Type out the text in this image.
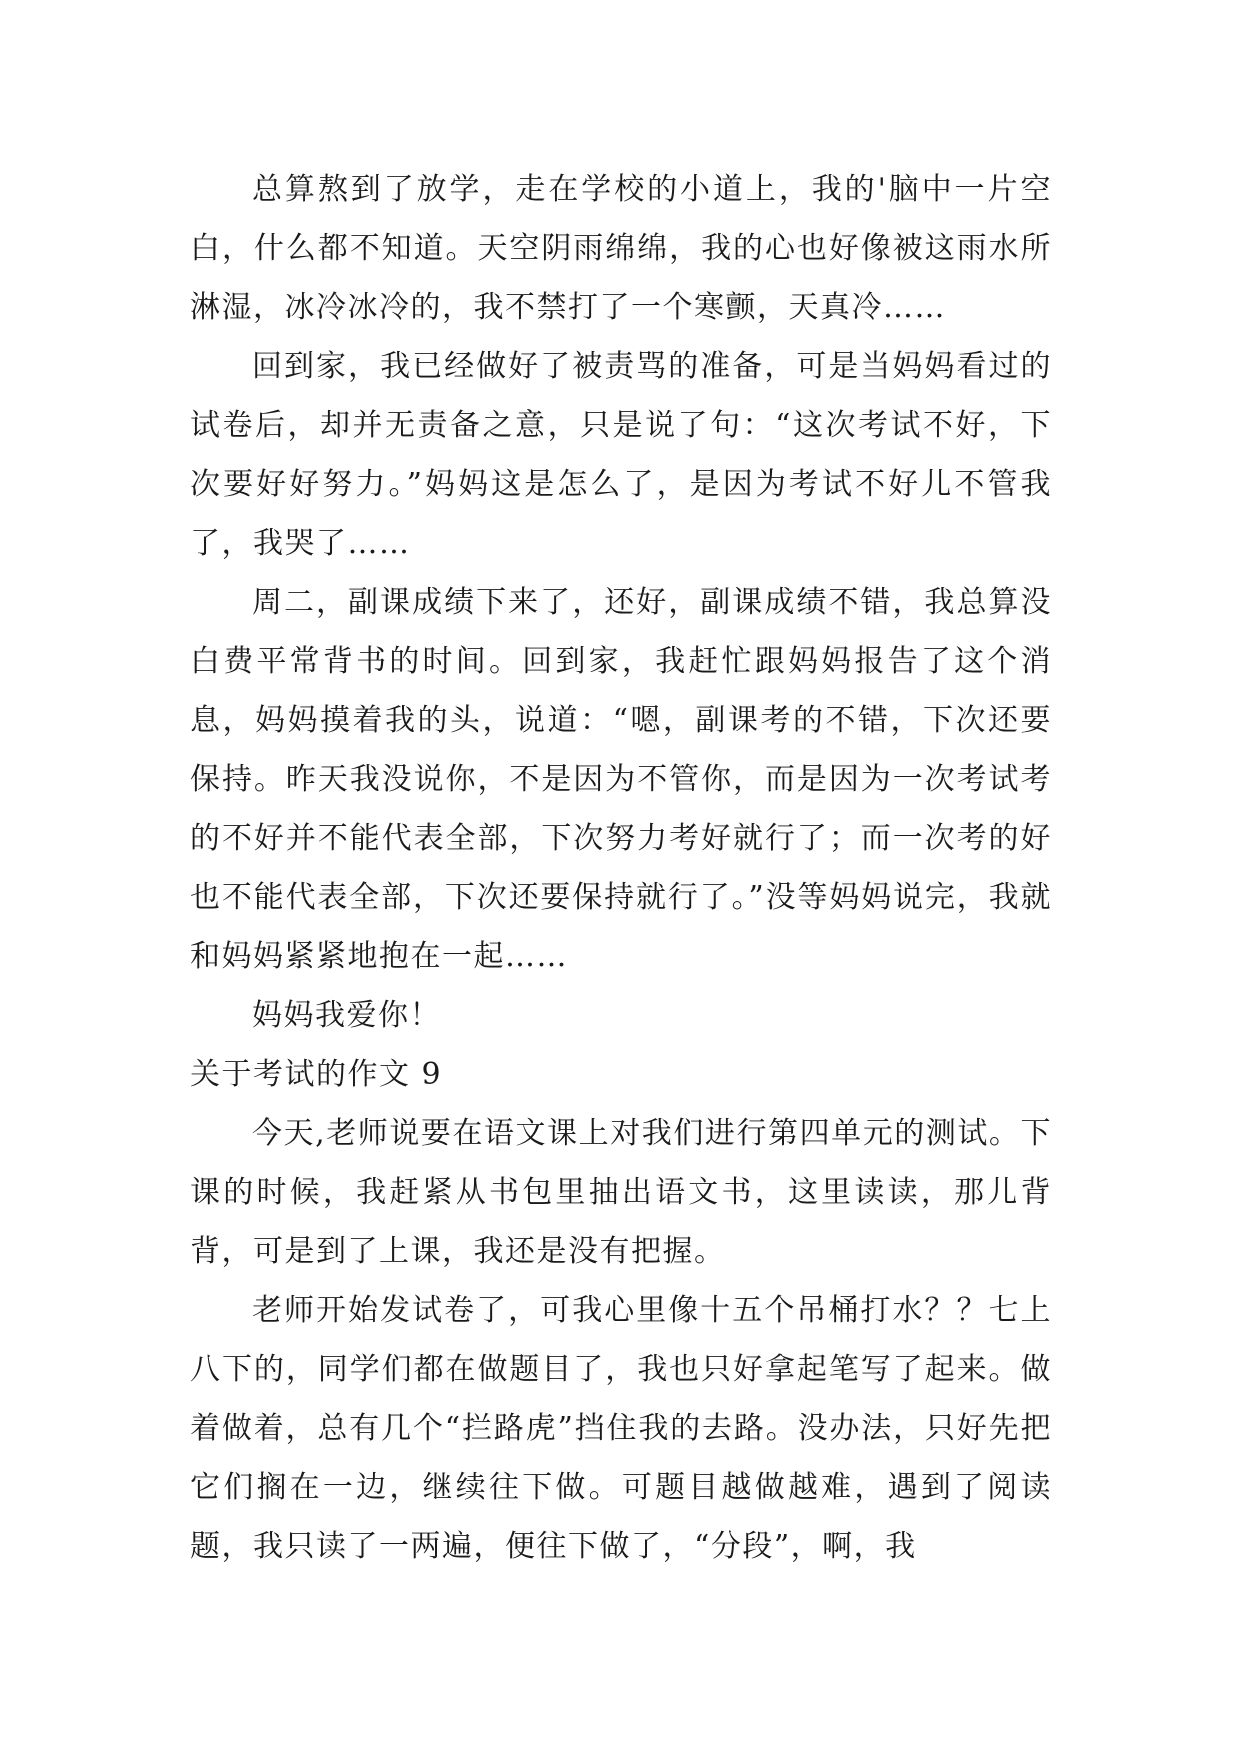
总算熬到了放学，走在学校的小道上，我的'脑中一片空白，什么都不知道。天空阴雨绵绵，我的心也好像被这雨水所淋湿，冰冷冰冷的，我不禁打了一个寒颤，天真冷……

回到家，我已经做好了被责骂的准备，可是当妈妈看过的试卷后，却并无责备之意，只是说了句：“这次考试不好，下次要好好努力。”妈妈这是怎么了，是因为考试不好儿不管我了，我哭了……

周二，副课成绩下来了，还好，副课成绩不错，我总算没白费平常背书的时间。回到家，我赶忙跟妈妈报告了这个消息，妈妈摸着我的头，说道：“嗯，副课考的不错，下次还要保持。昨天我没说你，不是因为不管你，而是因为一次考试考的不好并不能代表全部，下次努力考好就行了；而一次考的好也不能代表全部，下次还要保持就行了。”没等妈妈说完，我就和妈妈紧紧地抱在一起……

妈妈我爱你！

关于考试的作文 9

今天,老师说要在语文课上对我们进行第四单元的测试。下课的时候，我赶紧从书包里抽出语文书，这里读读，那儿背背，可是到了上课，我还是没有把握。

老师开始发试卷了，可我心里像十五个吊桶打水？？七上八下的，同学们都在做题目了，我也只好拿起笔写了起来。做着做着，总有几个“拦路虎”挡住我的去路。没办法，只好先把它们搁在一边，继续往下做。可题目越做越难，遇到了阅读题，我只读了一两遍，便往下做了，“分段”，啊，我
